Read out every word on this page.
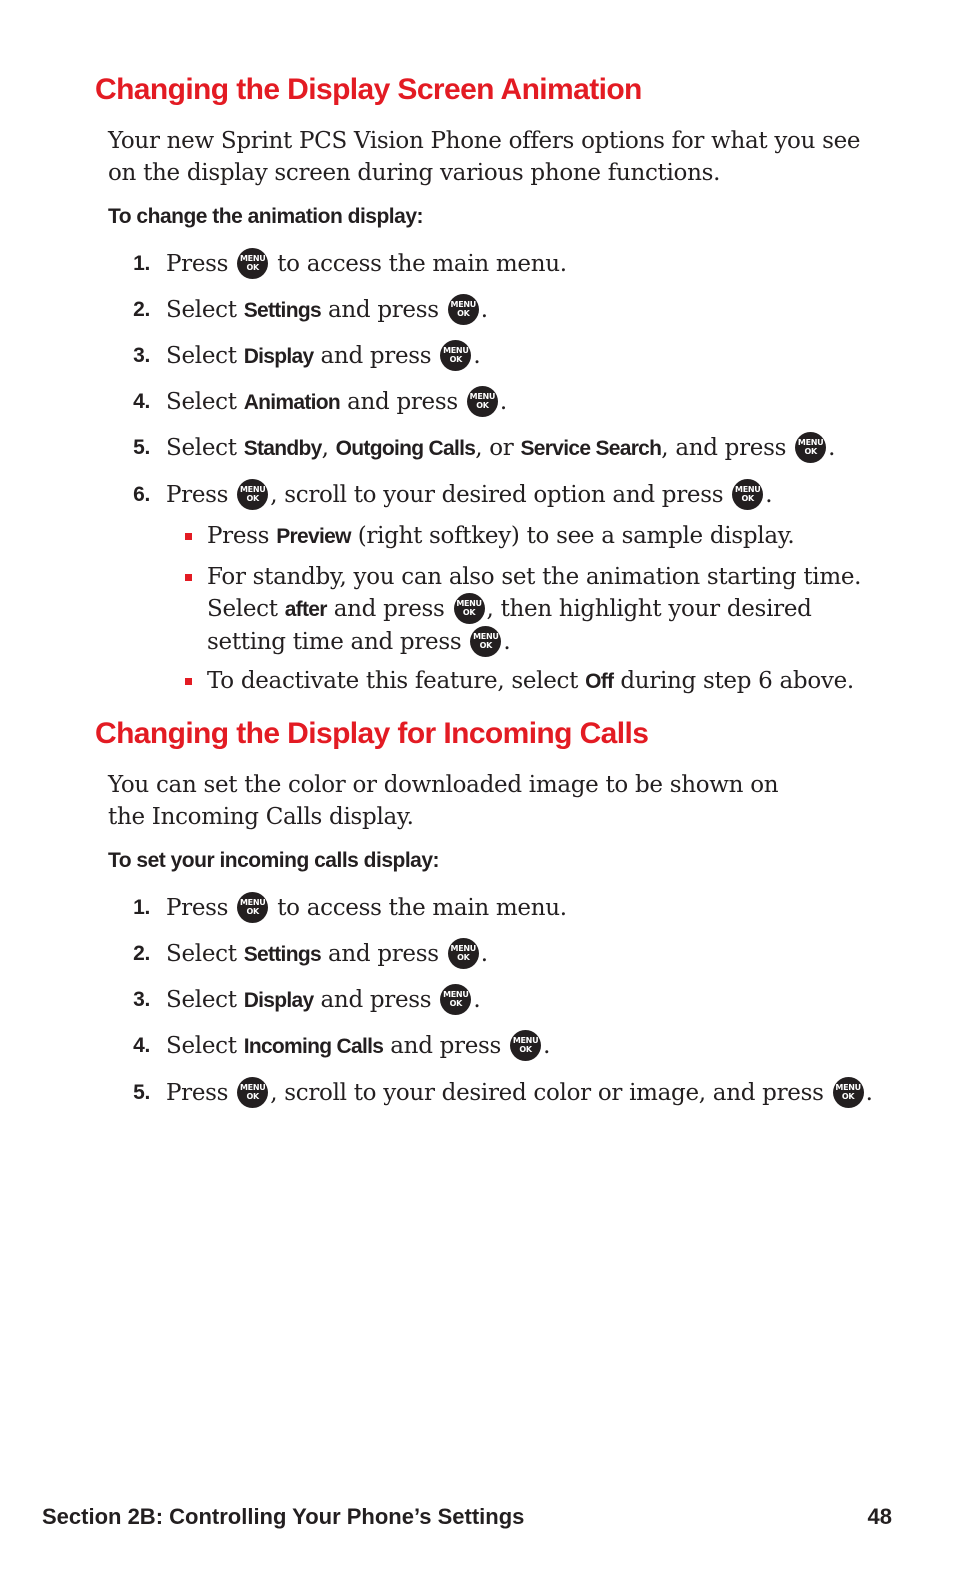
Changing the Display Screen Animation

Your new Sprint PCS Vision Phone offers options for what you see on the display screen during various phone functions.

To change the animation display:

1. Press	MENU
OK to access the main menu.
2. Select Settings and press	MENU
OK .
3. Select Display and press	MENU
OK .
4. Select Animation and press	MENU
OK .
5. Select Standby, Outgoing Calls, or Service Search, and press	MENU
OK .
6. Press	MENU
OK , scroll to your desired option and press	MENU
OK .
Press Preview (right softkey) to see a sample display.
For standby, you can also set the animation starting time. Select after and press	MENU
OK , then highlight your desired setting time and press	MENU
OK .
To deactivate this feature, select Off during step 6 above.
Changing the Display for Incoming Calls

You can set the color or downloaded image to be shown on the Incoming Calls display.

To set your incoming calls display:

1. Press	MENU
OK to access the main menu.
2. Select Settings and press	MENU
OK .
3. Select Display and press	MENU
OK .
4. Select Incoming Calls and press	MENU
OK .
5. Press	MENU
OK , scroll to your desired color or image, and press	MENU
OK .
Section 2B: Controlling Your Phone’s Settings	48
